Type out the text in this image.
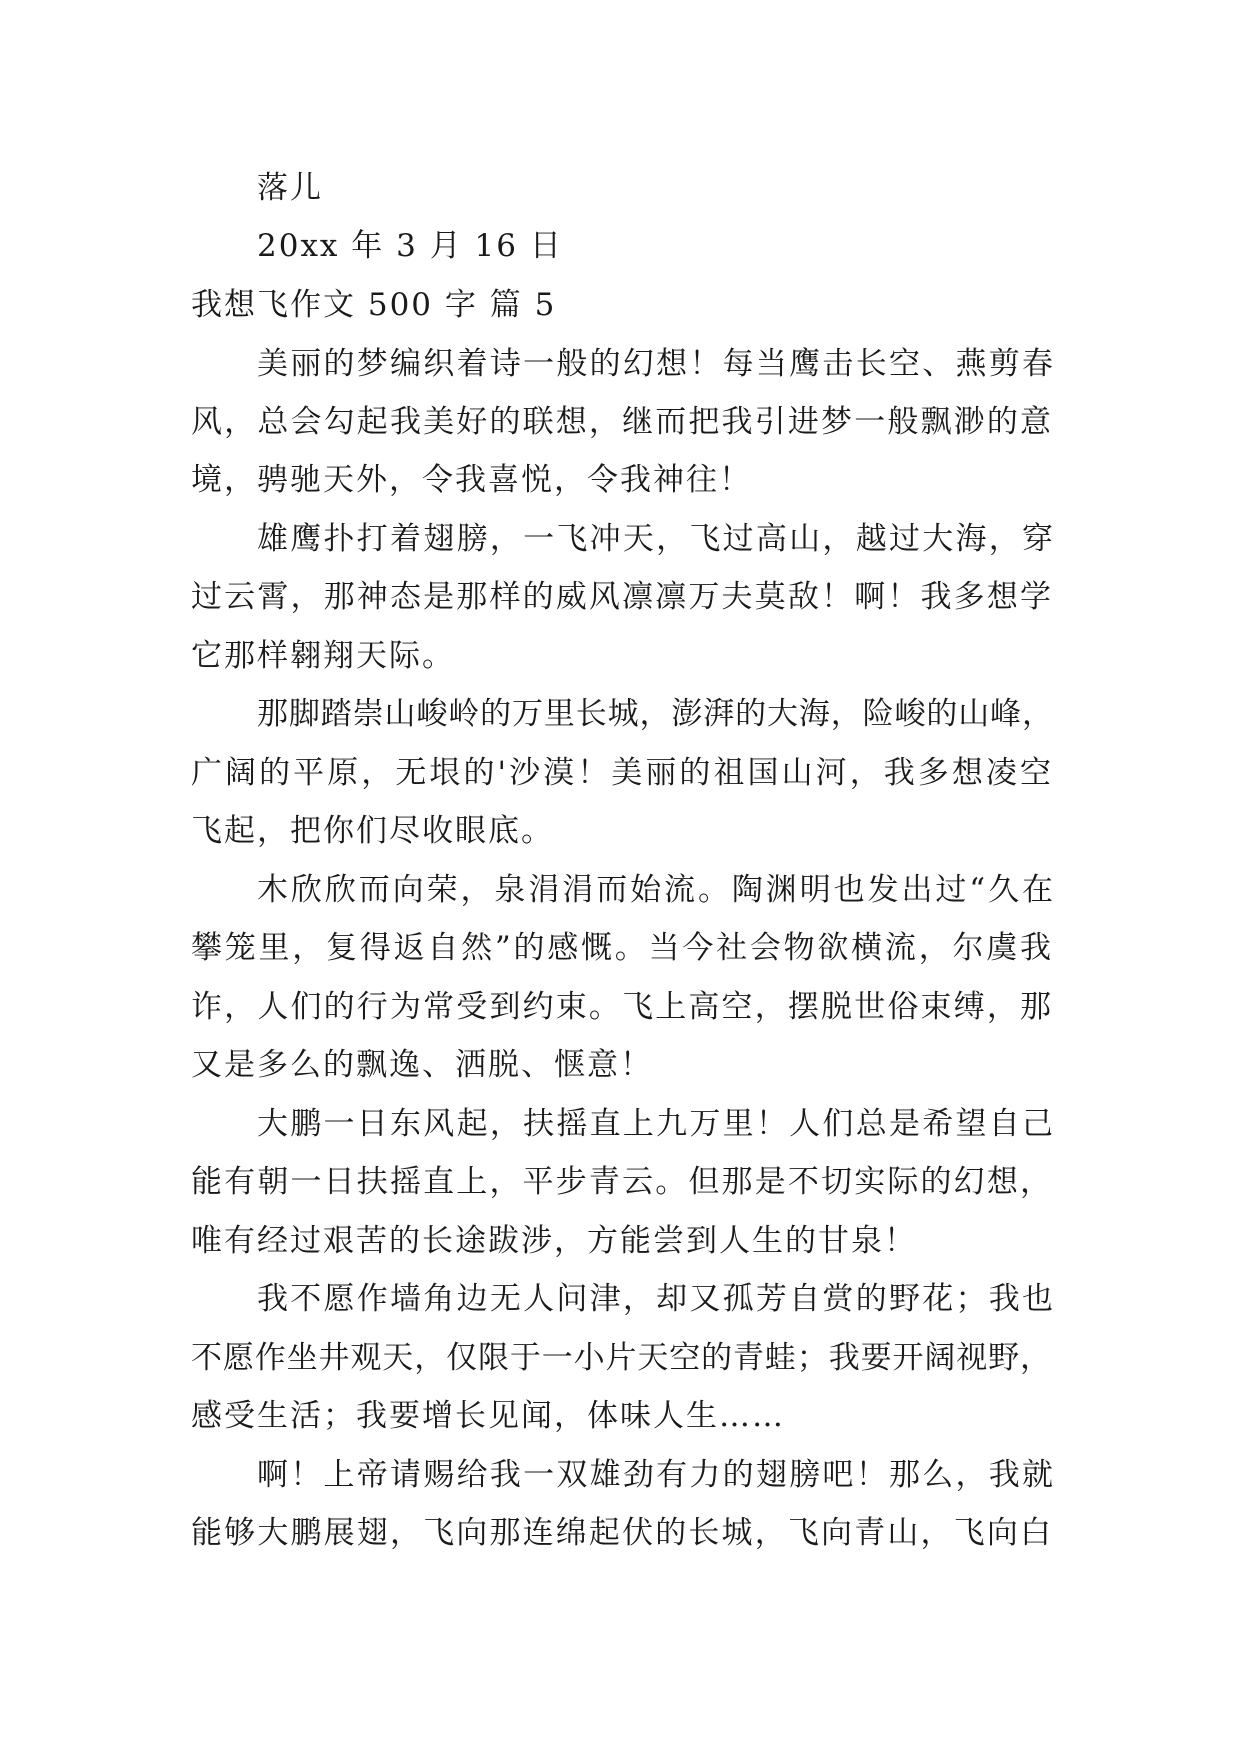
落儿
20xx 年 3 月 16 日
我想飞作文 500 字 篇 5
美丽的梦编织着诗一般的幻想！每当鹰击长空、燕剪春
风，总会勾起我美好的联想，继而把我引进梦一般飘渺的意
境，骋驰天外，令我喜悦，令我神往！
雄鹰扑打着翅膀，一飞冲天，飞过高山，越过大海，穿
过云霄，那神态是那样的威风凛凛万夫莫敌！啊！我多想学
它那样翱翔天际。
那脚踏崇山峻岭的万里长城，澎湃的大海，险峻的山峰，
广阔的平原，无垠的'沙漠！美丽的祖国山河，我多想凌空
飞起，把你们尽收眼底。
木欣欣而向荣，泉涓涓而始流。陶渊明也发出过“久在
攀笼里，复得返自然”的感慨。当今社会物欲横流，尔虞我
诈，人们的行为常受到约束。飞上高空，摆脱世俗束缚，那
又是多么的飘逸、洒脱、惬意！
大鹏一日东风起，扶摇直上九万里！人们总是希望自己
能有朝一日扶摇直上，平步青云。但那是不切实际的幻想，
唯有经过艰苦的长途跋涉，方能尝到人生的甘泉！
我不愿作墙角边无人问津，却又孤芳自赏的野花；我也
不愿作坐井观天，仅限于一小片天空的青蛙；我要开阔视野，
感受生活；我要增长见闻，体味人生……
啊！上帝请赐给我一双雄劲有力的翅膀吧！那么，我就
能够大鹏展翅，飞向那连绵起伏的长城，飞向青山，飞向白
